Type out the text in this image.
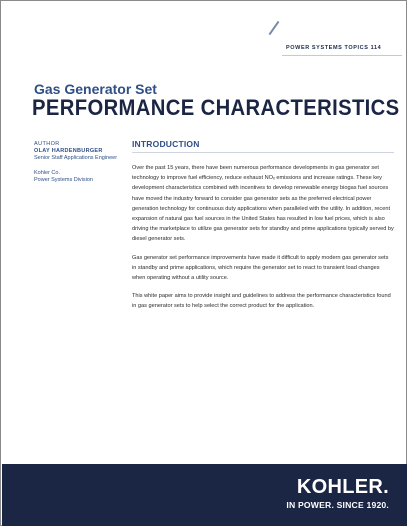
POWER SYSTEMS TOPICS 114
Gas Generator Set
PERFORMANCE CHARACTERISTICS
AUTHOR
OLAY HARDENBURGER
Senior Staff Applications Engineer
Kohler Co.
Power Systems Division
INTRODUCTION

Over the past 15 years, there have been numerous performance developments in gas generator set technology to improve fuel efficiency, reduce exhaust NOₓ emissions and increase ratings. These key development characteristics combined with incentives to develop renewable energy biogas fuel sources have moved the industry forward to consider gas generator sets as the preferred electrical power generation technology for continuous duty applications when paralleled with the utility. In addition, recent expansion of natural gas fuel sources in the United States has resulted in low fuel prices, which is also driving the marketplace to utilize gas generator sets for standby and prime applications typically served by diesel generator sets.

Gas generator set performance improvements have made it difficult to apply modern gas generator sets in standby and prime applications, which require the generator set to react to transient load changes when operating without a utility source.

This white paper aims to provide insight and guidelines to address the performance characteristics found in gas generator sets to help select the correct product for the application.

KOHLER.
IN POWER. SINCE 1920.
